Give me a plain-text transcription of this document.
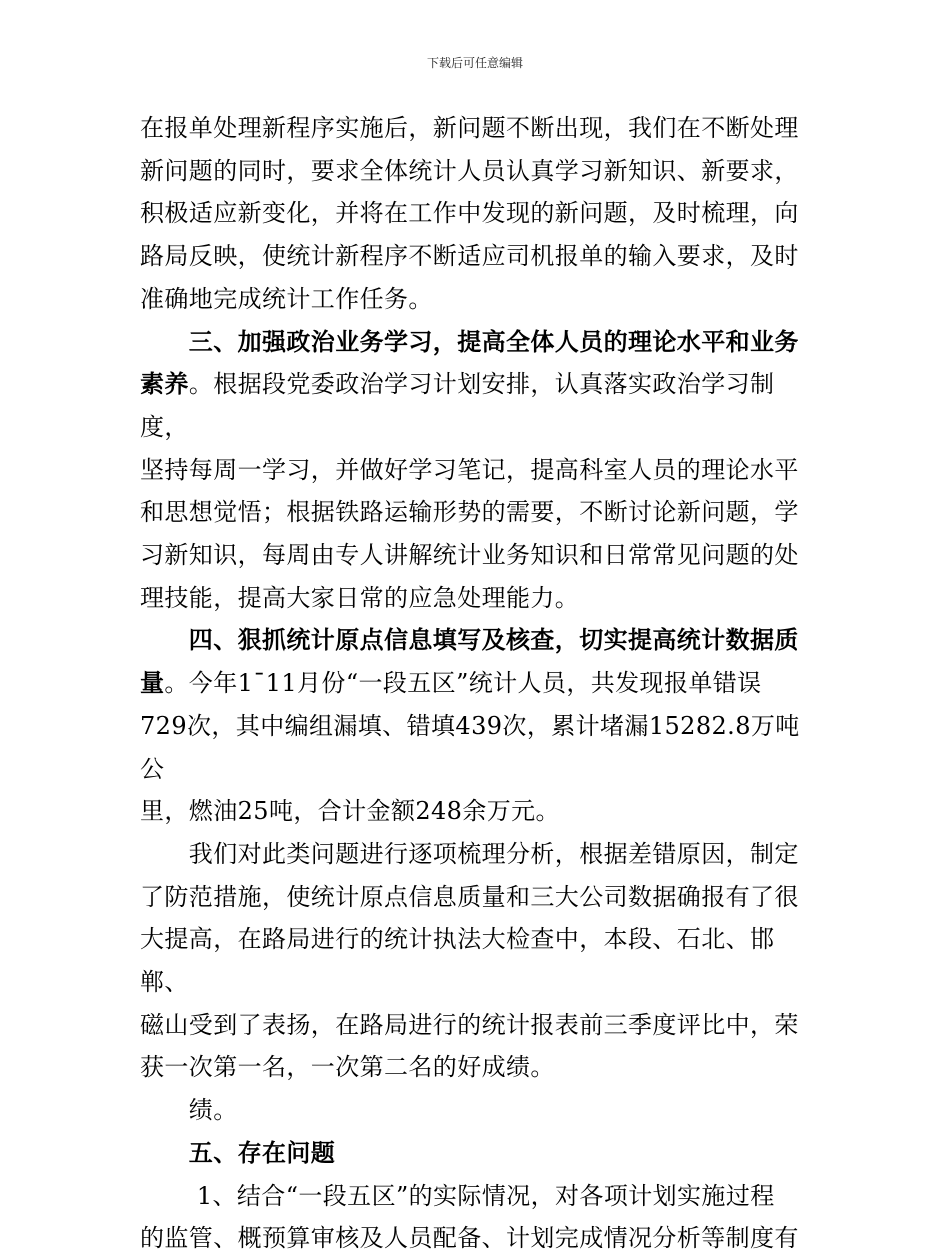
下载后可任意编辑

在报单处理新程序实施后，新问题不断出现，我们在不断处理
新问题的同时，要求全体统计人员认真学习新知识、新要求，
积极适应新变化，并将在工作中发现的新问题，及时梳理，向
路局反映，使统计新程序不断适应司机报单的输入要求，及时
准确地完成统计工作任务。

　　三、加强政治业务学习，提高全体人员的理论水平和业务
素养。根据段党委政治学习计划安排，认真落实政治学习制度，
坚持每周一学习，并做好学习笔记，提高科室人员的理论水平
和思想觉悟；根据铁路运输形势的需要，不断讨论新问题，学
习新知识，每周由专人讲解统计业务知识和日常常见问题的处
理技能，提高大家日常的应急处理能力。

　　四、狠抓统计原点信息填写及核查，切实提高统计数据质
量。今年1¯11月份“一段五区”统计人员，共发现报单错误
729次，其中编组漏填、错填439次，累计堵漏15282.8万吨公
里，燃油25吨，合计金额248余万元。

　　我们对此类问题进行逐项梳理分析，根据差错原因，制定
了防范措施，使统计原点信息质量和三大公司数据确报有了很
大提高，在路局进行的统计执法大检查中，本段、石北、邯郸、
磁山受到了表扬，在路局进行的统计报表前三季度评比中，荣
获一次第一名，一次第二名的好成绩。

　　绩。

　　五、存在问题

　　 1、结合“一段五区”的实际情况，对各项计划实施过程
的监管、概预算审核及人员配备、计划完成情况分析等制度有
